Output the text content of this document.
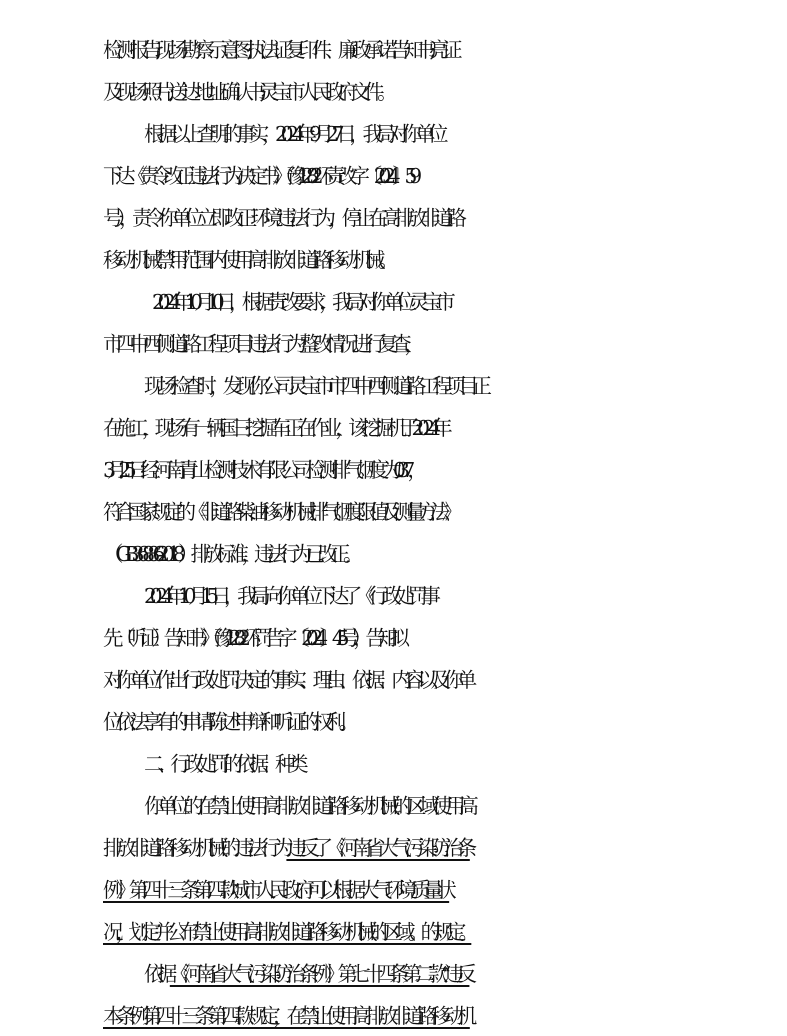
检测报告;现场勘察示意图;执法证复印件、廉政承诺告知书;亮证
及现场照片;送达地址确认书;灵宝市人民政府文件。
根据以上查明的事实，2024 年 9 月 27 日，我局对你单位
下达《责令改正违法行为决定书》（豫 1282 环责改字〔2024〕59
号），责令你单位立即改正环境违法行为，停止在高排放非道路
移动机械禁用范围内使用高排放非道路移动机械。
2024 年 10 月 10 日，根据责改要求，我局对你单位灵宝市
市四中西侧道路工程项目违法行为整改情况进行复查，
现场检查时，发现你公司灵宝市市四中西侧道路工程项目正
在施工，现场有一辆国三挖掘车正在作业，该挖掘机于 2024 年
3 月 25 日经河南青山检测技术有限公司检测排气烟度为 0.37，
符合国家规定的《非道路柴油移动机械排气烟度限值及测量方法》
（GB36886-2018）排放标准，违法行为已改正。
2024 年 10 月 15 日，我局向你单位下达了《行政处罚事
先（听证）告知书》（豫 1282 环罚告字〔2024〕45 号），告知拟
对你单位作出行政处罚决定的事实、理由、依据、内容以及你单
位依法享有的申请陈述申辩和听证的权利。
二、行政处罚的依据、种类
你单位的在禁止使用高排放非道路移动机械的区域使用高
排放非道路移动机械的违法行为违反了《河南省大气污染防治条
例》第四十三条第四款  城市人民政府可以根据大气环境质量状
况，划定并公布禁止使用高排放非道路移动机械的区域。的规定。
依据《河南省大气污染防治条例》第七十四条第二款“违反
本条例第四十三条第四款规定，在禁止使用高排放非道路移动机
